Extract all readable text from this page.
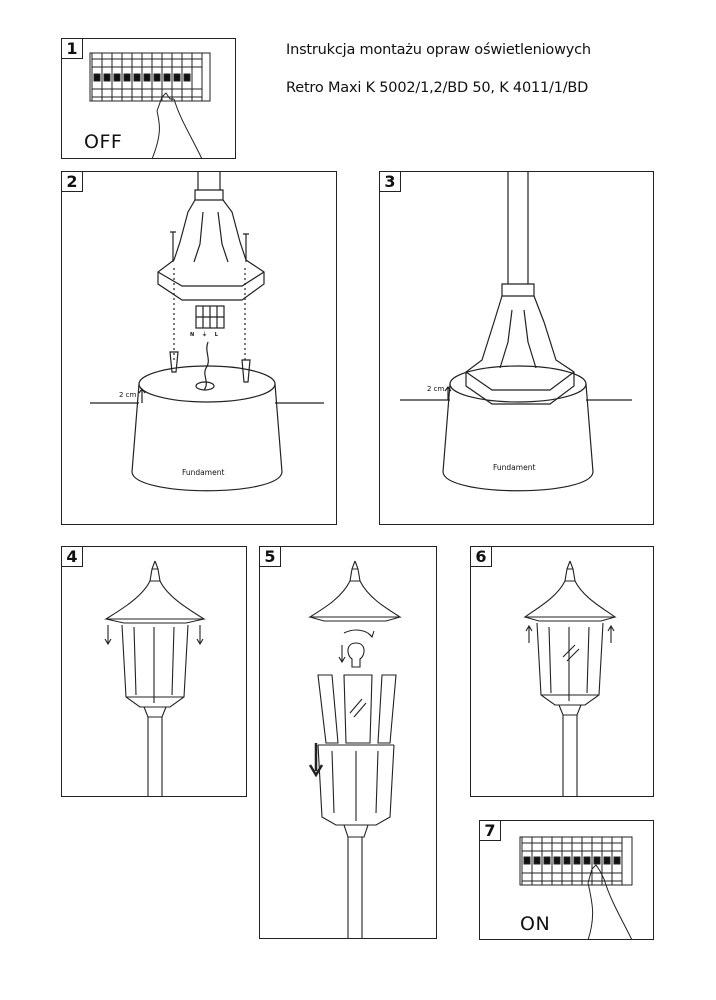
Instrukcja montażu opraw oświetleniowych
Retro Maxi K 5002/1,2/BD 50, K 4011/1/BD
1
OFF
2
N ⏚ L
2 cm
Fundament
3
2 cm
Fundament
4	5	6
7
ON
